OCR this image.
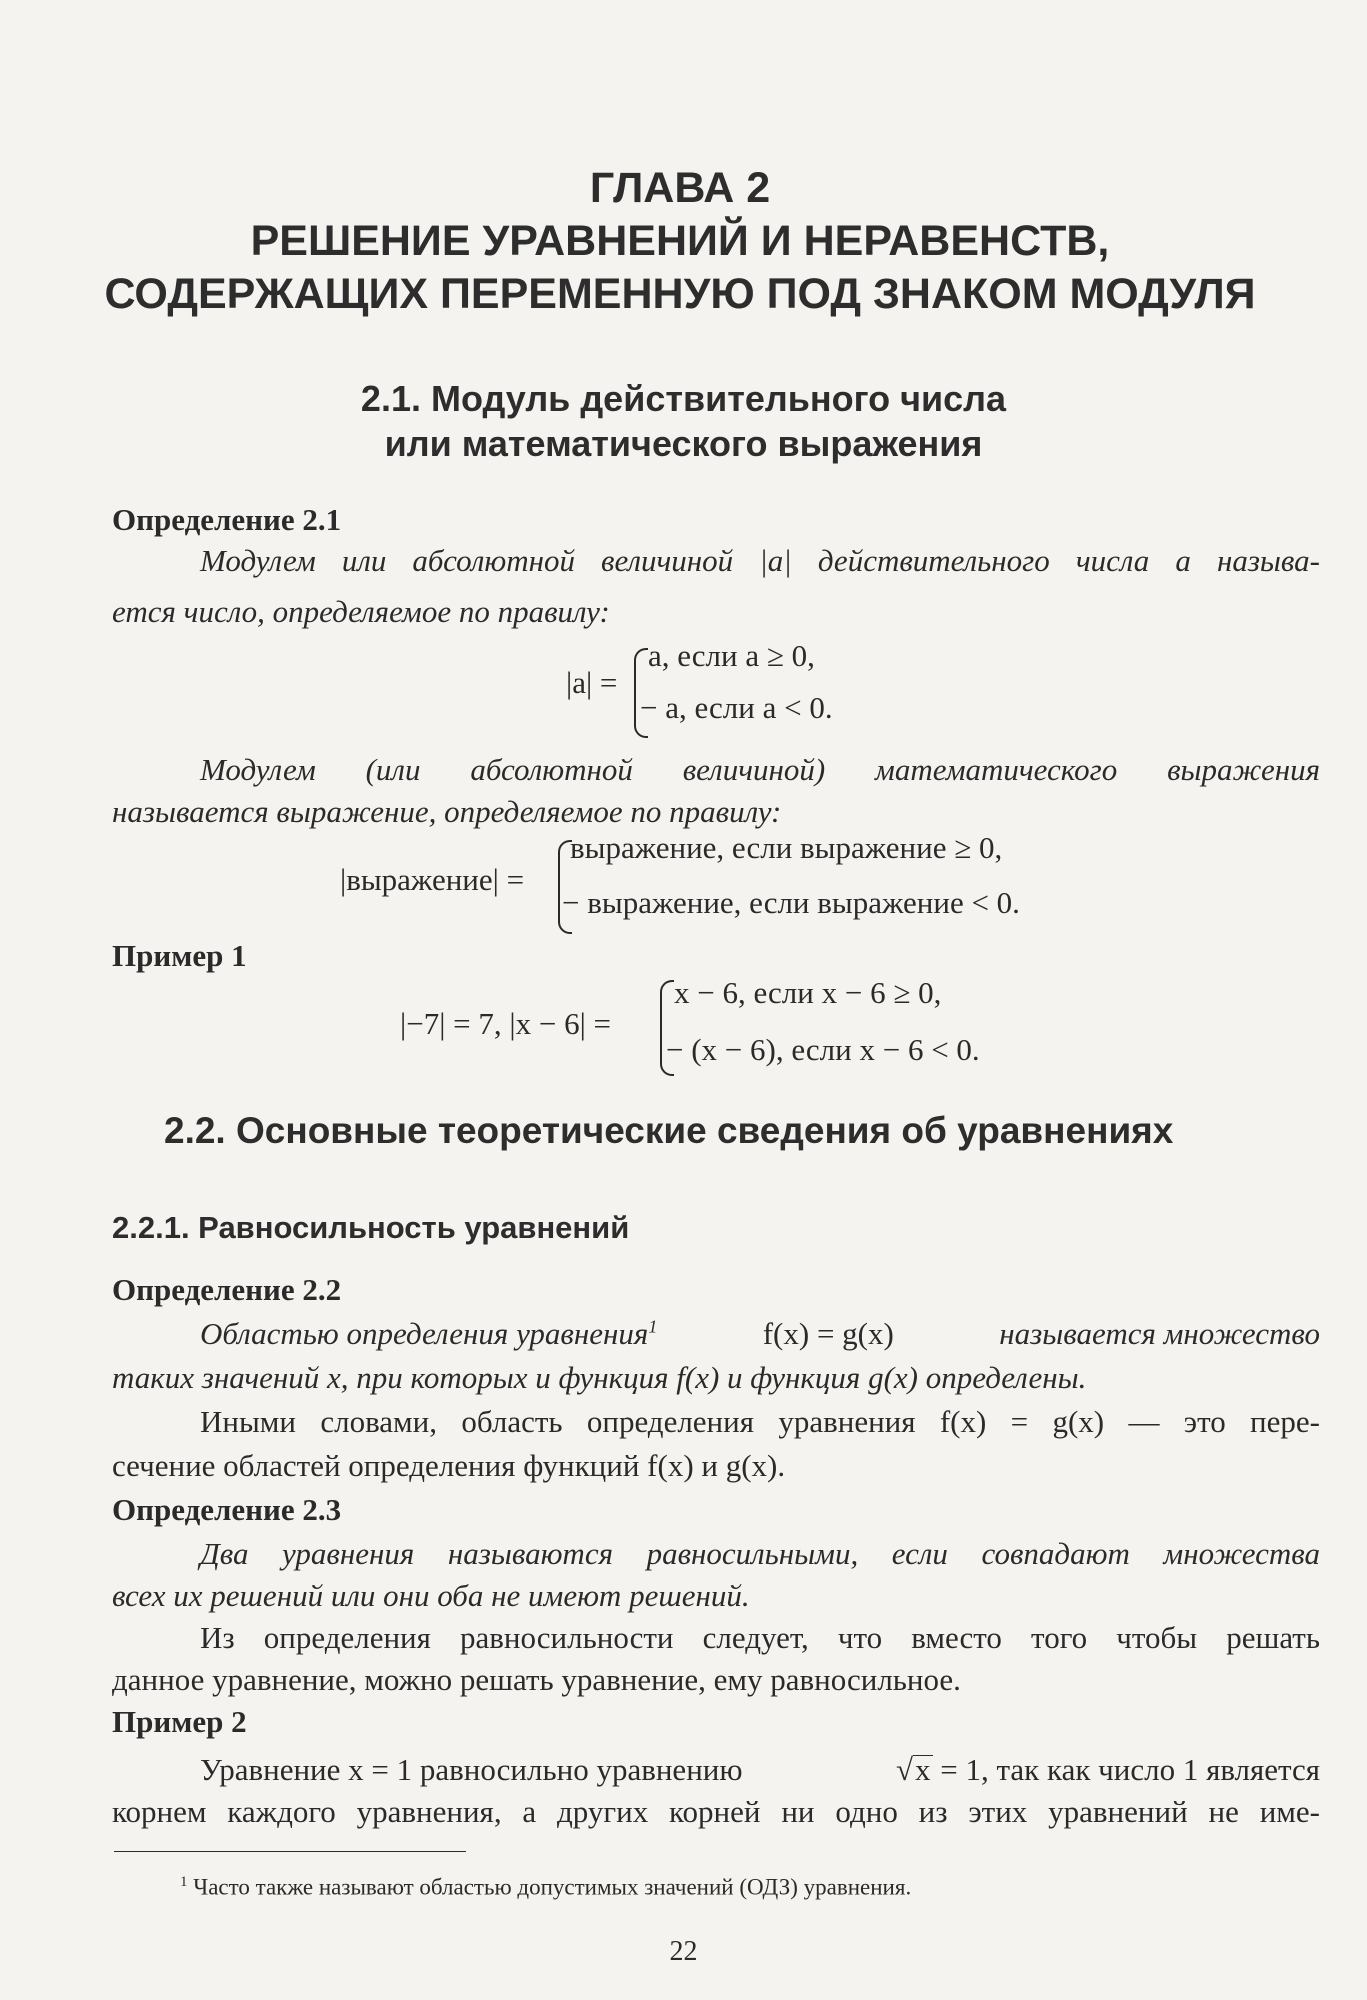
ГЛАВА 2
РЕШЕНИЕ УРАВНЕНИЙ И НЕРАВЕНСТВ,
СОДЕРЖАЩИХ ПЕРЕМЕННУЮ ПОД ЗНАКОМ МОДУЛЯ
2.1. Модуль действительного числа
или математического выражения
Определение 2.1
Модулем или абсолютной величиной |a| действительного числа a называ-
ется число, определяемое по правилу:
|a| =
a, если a ≥ 0,
− a, если a < 0.
Модулем (или абсолютной величиной) математического выражения
называется выражение, определяемое по правилу:
|выражение| =
выражение, если выражение ≥ 0,
− выражение, если выражение < 0.
Пример 1
|−7| = 7, |x − 6| =
x − 6, если x − 6 ≥ 0,
− (x − 6), если x − 6 < 0.
2.2. Основные теоретические сведения об уравнениях
2.2.1. Равносильность уравнений
Определение 2.2
Областью определения уравнения$^1$	f(x) = g(x)	называется множество
таких значений x, при которых и функция f(x) и функция g(x) определены.
Иными словами, область определения уравнения f(x) = g(x) — это пере-
сечение областей определения функций f(x) и g(x).
Определение 2.3
Два уравнения называются равносильными, если совпадают множества
всех их решений или они оба не имеют решений.
Из определения равносильности следует, что вместо того чтобы решать
данное уравнение, можно решать уравнение, ему равносильное.
Пример 2
Уравнение x = 1 равносильно уравнению	√x = 1, так как число 1 является
корнем каждого уравнения, а других корней ни одно из этих уравнений не име-
$^1$ Часто также называют областью допустимых значений (ОДЗ) уравнения.
22
